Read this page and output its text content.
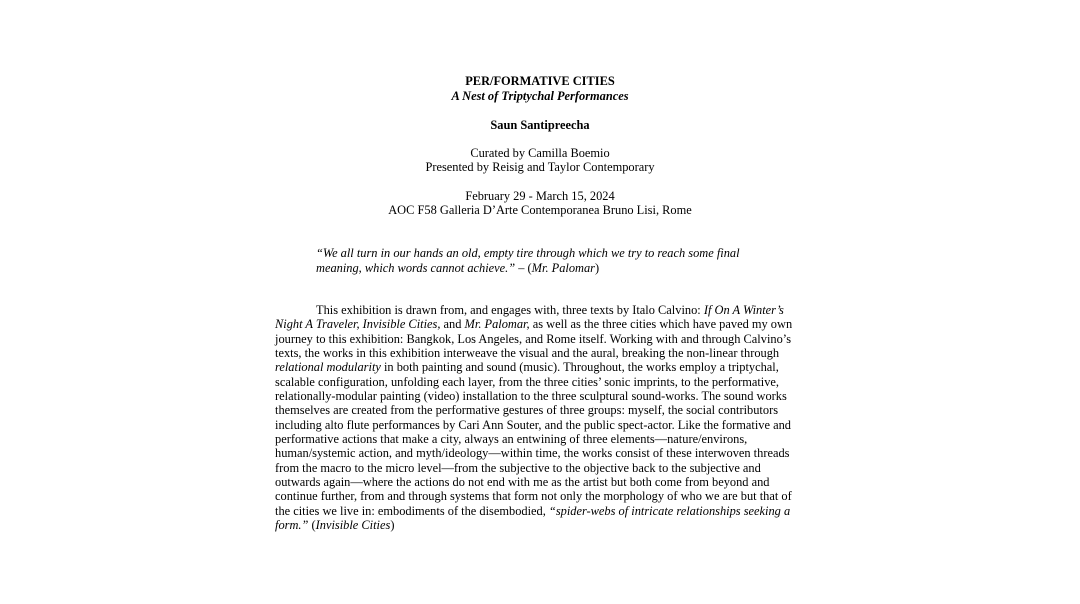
PER/FORMATIVE CITIES
A Nest of Triptychal Performances
Saun Santipreecha
Curated by Camilla Boemio
Presented by Reisig and Taylor Contemporary
February 29 - March 15, 2024
AOC F58 Galleria D’Arte Contemporanea Bruno Lisi, Rome
“We all turn in our hands an old, empty tire through which we try to reach some final
meaning, which words cannot achieve.” – (Mr. Palomar)
This exhibition is drawn from, and engages with, three texts by Italo Calvino: If On A Winter’s
Night A Traveler, Invisible Cities, and Mr. Palomar, as well as the three cities which have paved my own
journey to this exhibition: Bangkok, Los Angeles, and Rome itself. Working with and through Calvino’s
texts, the works in this exhibition interweave the visual and the aural, breaking the non-linear through
relational modularity in both painting and sound (music). Throughout, the works employ a triptychal,
scalable configuration, unfolding each layer, from the three cities’ sonic imprints, to the performative,
relationally-modular painting (video) installation to the three sculptural sound-works. The sound works
themselves are created from the performative gestures of three groups: myself, the social contributors
including alto flute performances by Cari Ann Souter, and the public spect-actor. Like the formative and
performative actions that make a city, always an entwining of three elements—nature/environs,
human/systemic action, and myth/ideology—within time, the works consist of these interwoven threads
from the macro to the micro level—from the subjective to the objective back to the subjective and
outwards again—where the actions do not end with me as the artist but both come from beyond and
continue further, from and through systems that form not only the morphology of who we are but that of
the cities we live in: embodiments of the disembodied, “spider-webs of intricate relationships seeking a
form.” (Invisible Cities)
